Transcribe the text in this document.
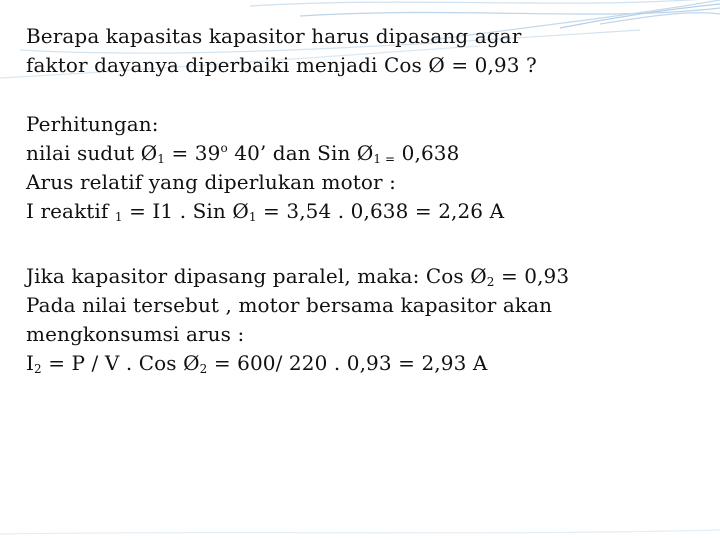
Berapa kapasitas kapasitor harus dipasang agar

faktor dayanya diperbaiki menjadi Cos Ø = 0,93 ?

Perhitungan:

nilai sudut $Ø_1 = 39^o$ 40’ dan Sin $Ø_{1 =}$ 0,638

Arus relatif yang diperlukan motor :

I reaktif $_1$ = I1 . Sin $Ø_1 = 3,54$ . 0,638 = 2,26 A

Jika kapasitor dipasang paralel, maka: Cos $Ø_2 = 0,93$

Pada nilai tersebut , motor bersama kapasitor akan

mengkonsumsi arus :

$I_2 = P / V$ . Cos $Ø_2 = 600/$ 220 . 0,93 = 2,93 A
